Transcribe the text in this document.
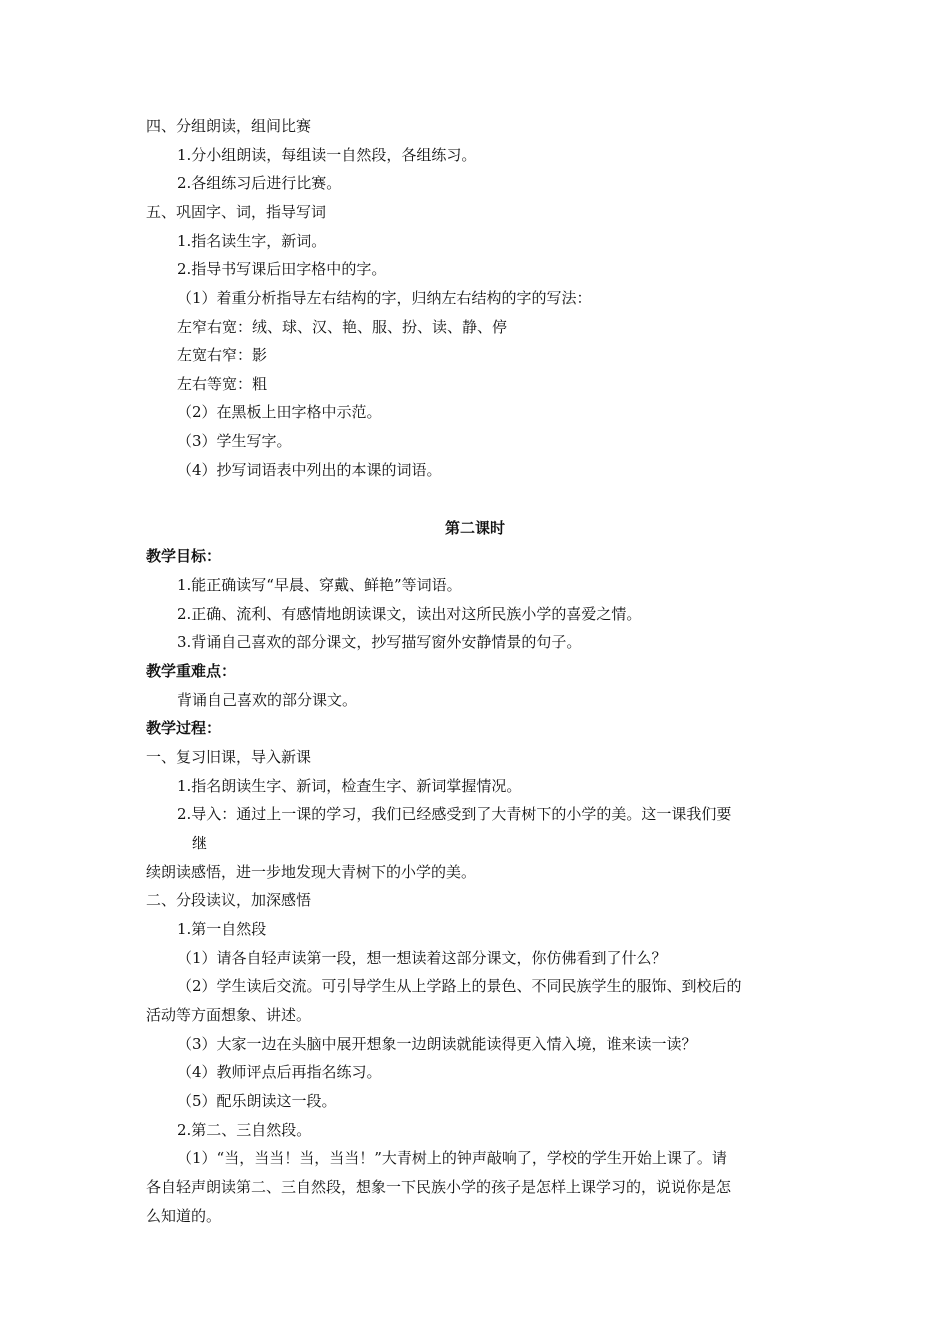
四、分组朗读，组间比赛
1.分小组朗读，每组读一自然段，各组练习。
2.各组练习后进行比赛。
五、巩固字、词，指导写词
1.指名读生字，新词。
2.指导书写课后田字格中的字。
（1）着重分析指导左右结构的字，归纳左右结构的字的写法：
左窄右宽：绒、球、汉、艳、服、扮、读、静、停
左宽右窄：影
左右等宽：粗
（2）在黑板上田字格中示范。
（3）学生写字。
（4）抄写词语表中列出的本课的词语。
第二课时
教学目标：
1.能正确读写“早晨、穿戴、鲜艳”等词语。
2.正确、流利、有感情地朗读课文，读出对这所民族小学的喜爱之情。
3.背诵自己喜欢的部分课文，抄写描写窗外安静情景的句子。
教学重难点：
背诵自己喜欢的部分课文。
教学过程：
一、复习旧课，导入新课
1.指名朗读生字、新词，检查生字、新词掌握情况。
2.导入：通过上一课的学习，我们已经感受到了大青树下的小学的美。这一课我们要
继
续朗读感悟，进一步地发现大青树下的小学的美。
二、分段读议，加深感悟
1.第一自然段
（1）请各自轻声读第一段，想一想读着这部分课文，你仿佛看到了什么？
（2）学生读后交流。可引导学生从上学路上的景色、不同民族学生的服饰、到校后的
活动等方面想象、讲述。
（3）大家一边在头脑中展开想象一边朗读就能读得更入情入境，谁来读一读？
（4）教师评点后再指名练习。
（5）配乐朗读这一段。
2.第二、三自然段。
（1）“当，当当！当，当当！”大青树上的钟声敲响了，学校的学生开始上课了。请
各自轻声朗读第二、三自然段，想象一下民族小学的孩子是怎样上课学习的，说说你是怎
么知道的。
